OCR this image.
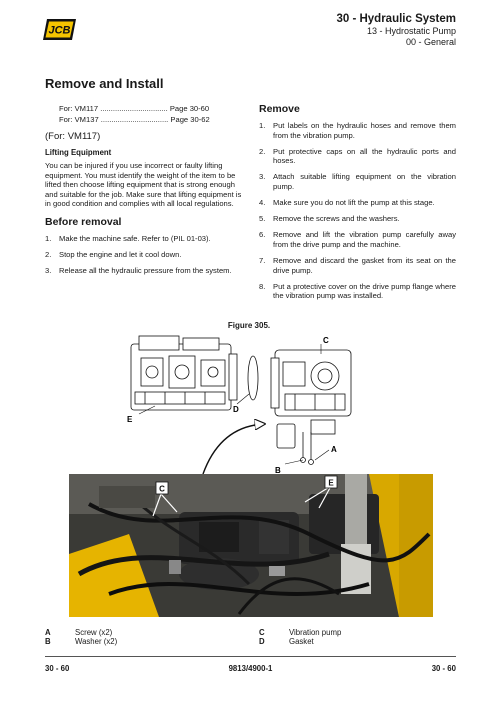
JCB
30 - Hydraulic System
13 - Hydrostatic Pump
00 - General
Remove and Install
For: VM117 ................................ Page 30-60
For: VM137 ................................ Page 30-62
(For: VM117)
Lifting Equipment
You can be injured if you use incorrect or faulty lifting equipment. You must identify the weight of the item to be lifted then choose lifting equipment that is strong enough and suitable for the job. Make sure that lifting equipment is in good condition and complies with all local regulations.
Before removal
1.	Make the machine safe. Refer to (PIL 01-03).
2.	Stop the engine and let it cool down.
3.	Release all the hydraulic pressure from the system.
Remove
1.	Put labels on the hydraulic hoses and remove them from the vibration pump.
2.	Put protective caps on all the hydraulic ports and hoses.
3.	Attach suitable lifting equipment on the vibration pump.
4.	Make sure you do not lift the pump at this stage.
5.	Remove the screws and the washers.
6.	Remove and lift the vibration pump carefully away from the drive pump and the machine.
7.	Remove and discard the gasket from its seat on the drive pump.
8.	Put a protective cover on the drive pump flange where the vibration pump was installed.
Figure 305.
C
E
D
B
A
C
E
A	Screw (x2)
B	Washer (x2)
C	Vibration pump
D	Gasket
30 - 60	9813/4900-1	30 - 60
